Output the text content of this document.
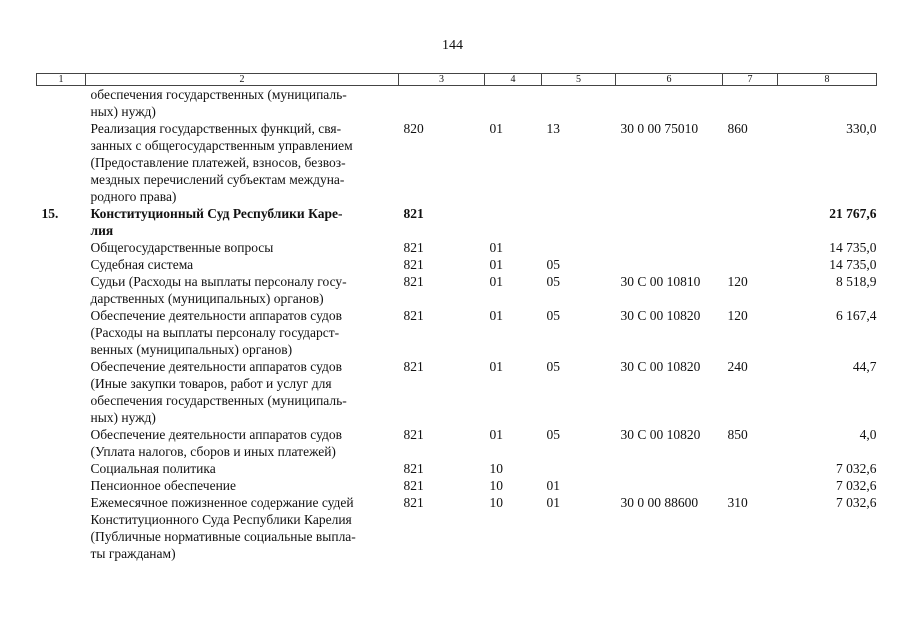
144
1	2	3	4	5	6	7	8
	обеспечения государственных (муниципаль-
ных) нужд)						
	Реализация государственных функций, свя-
занных с общегосударственным управлением
(Предоставление платежей, взносов, безвоз-
мездных перечислений субъектам междуна-
родного права)	820	01	13	30 0 00 75010	860	330,0
15.	Конституционный Суд Республики Каре-
лия	821					21 767,6
	Общегосударственные вопросы	821	01				14 735,0
	Судебная система	821	01	05			14 735,0
	Судьи (Расходы на выплаты персоналу госу-
дарственных (муниципальных) органов)	821	01	05	30 С 00 10810	120	8 518,9
	Обеспечение деятельности аппаратов судов
(Расходы на выплаты персоналу государст-
венных (муниципальных) органов)	821	01	05	30 С 00 10820	120	6 167,4
	Обеспечение деятельности аппаратов судов
(Иные закупки товаров, работ и услуг для
обеспечения государственных (муниципаль-
ных) нужд)	821	01	05	30 С 00 10820	240	44,7
	Обеспечение деятельности аппаратов судов
(Уплата налогов, сборов и иных платежей)	821	01	05	30 С 00 10820	850	4,0
	Социальная политика	821	10				7 032,6
	Пенсионное обеспечение	821	10	01			7 032,6
	Ежемесячное пожизненное содержание судей
Конституционного Суда Республики Карелия
(Публичные нормативные социальные выпла-
ты гражданам)	821	10	01	30 0 00 88600	310	7 032,6
